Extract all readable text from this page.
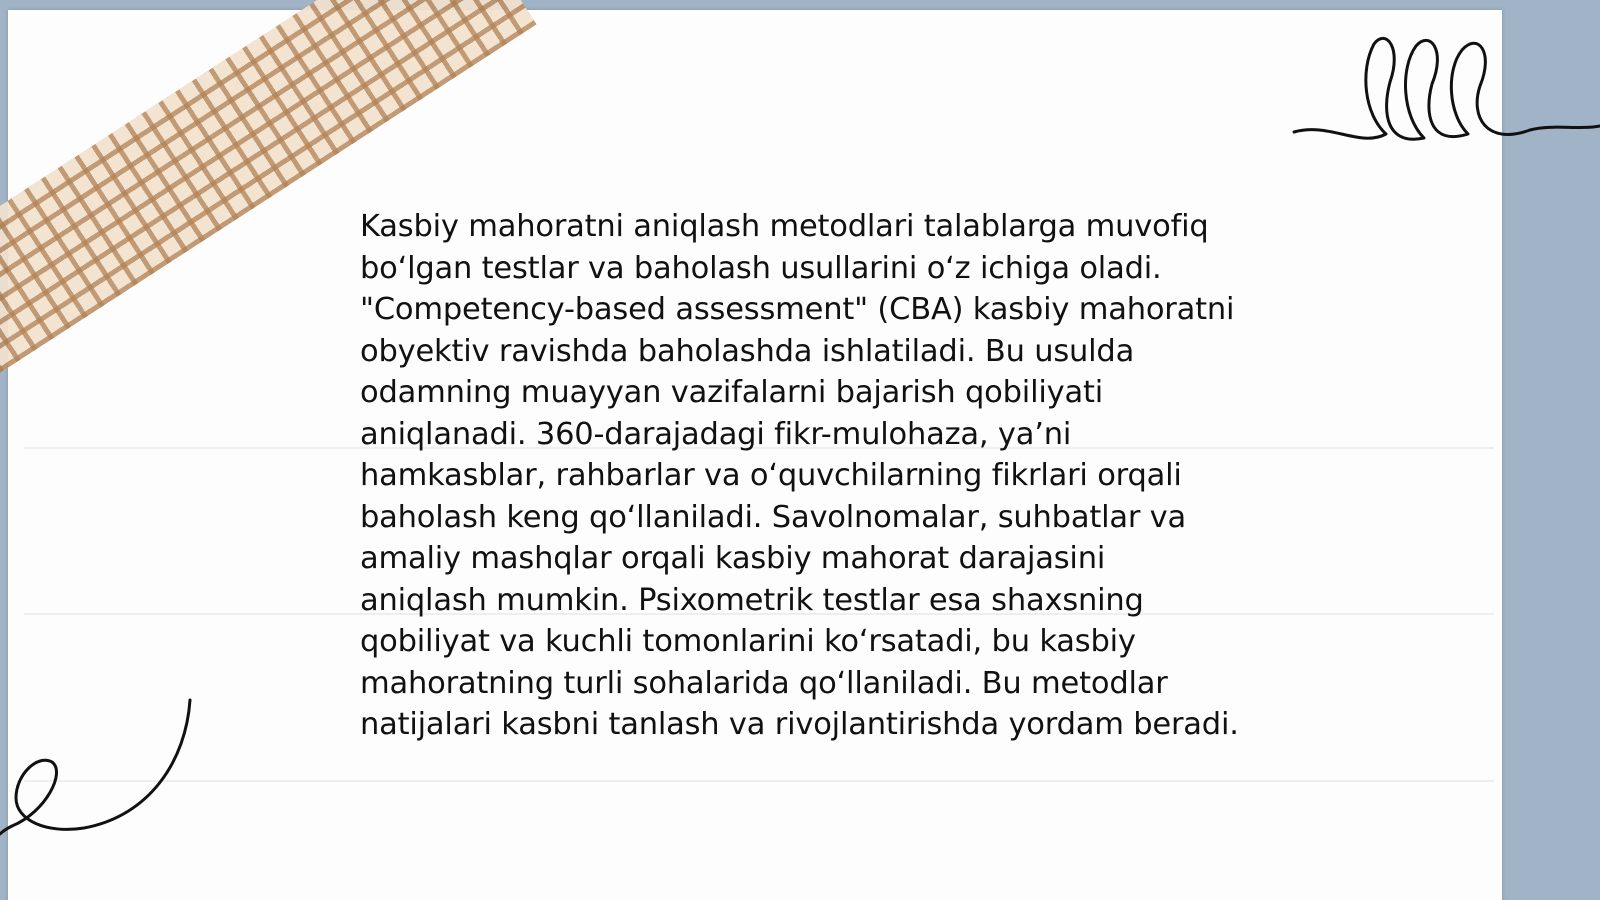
Kasbiy mahoratni aniqlash metodlari talablarga muvofiq bo‘lgan testlar va baholash usullarini o‘z ichiga oladi. "Competency-based assessment" (CBA) kasbiy mahoratni obyektiv ravishda baholashda ishlatiladi. Bu usulda odamning muayyan vazifalarni bajarish qobiliyati aniqlanadi. 360-darajadagi fikr-mulohaza, ya’ni hamkasblar, rahbarlar va o‘quvchilarning fikrlari orqali baholash keng qo‘llaniladi. Savolnomalar, suhbatlar va amaliy mashqlar orqali kasbiy mahorat darajasini aniqlash mumkin. Psixometrik testlar esa shaxsning qobiliyat va kuchli tomonlarini ko‘rsatadi, bu kasbiy mahoratning turli sohalarida qo‘llaniladi. Bu metodlar natijalari kasbni tanlash va rivojlantirishda yordam beradi.
